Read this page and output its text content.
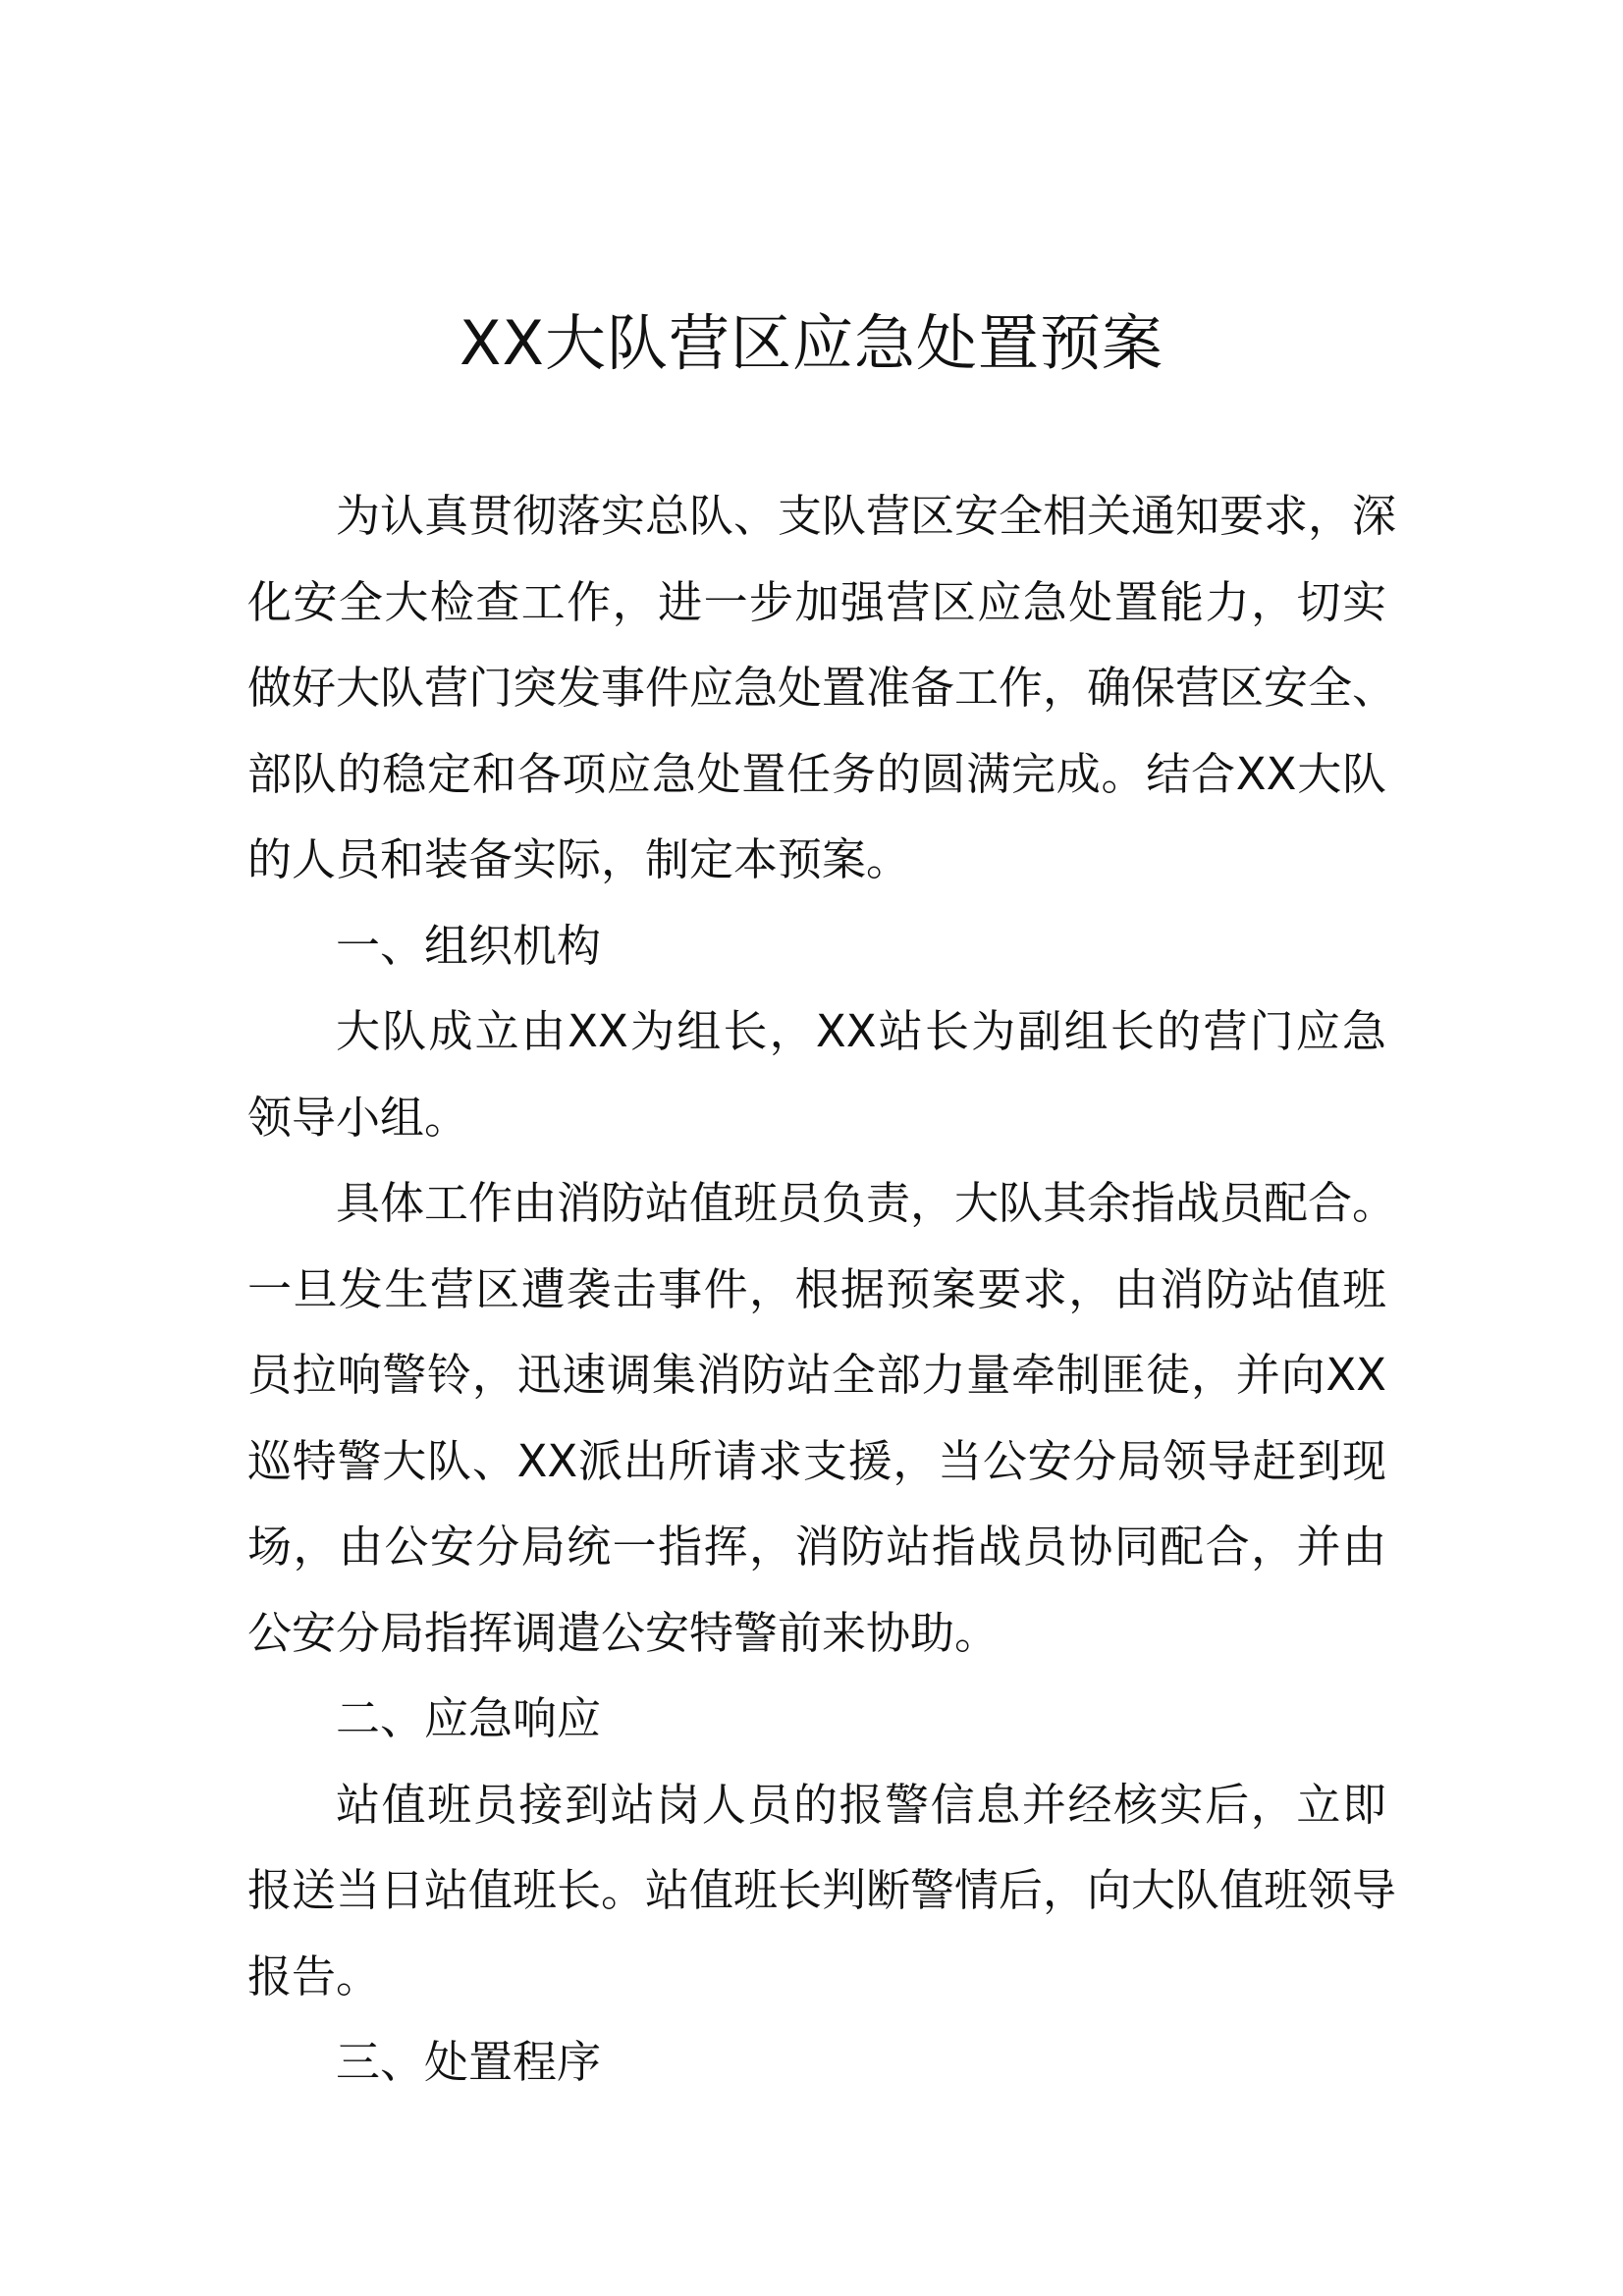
XX大队营区应急处置预案
为认真贯彻落实总队、支队营区安全相关通知要求，深
化安全大检查工作，进一步加强营区应急处置能力，切实
做好大队营门突发事件应急处置准备工作，确保营区安全、
部队的稳定和各项应急处置任务的圆满完成。结合XX大队
的人员和装备实际，制定本预案。
一、组织机构
大队成立由XX为组长，XX站长为副组长的营门应急
领导小组。
具体工作由消防站值班员负责，大队其余指战员配合。
一旦发生营区遭袭击事件，根据预案要求，由消防站值班
员拉响警铃，迅速调集消防站全部力量牵制匪徒，并向XX
巡特警大队、XX派出所请求支援，当公安分局领导赶到现
场，由公安分局统一指挥，消防站指战员协同配合，并由
公安分局指挥调遣公安特警前来协助。
二、应急响应
站值班员接到站岗人员的报警信息并经核实后，立即
报送当日站值班长。站值班长判断警情后，向大队值班领导
报告。
三、处置程序
